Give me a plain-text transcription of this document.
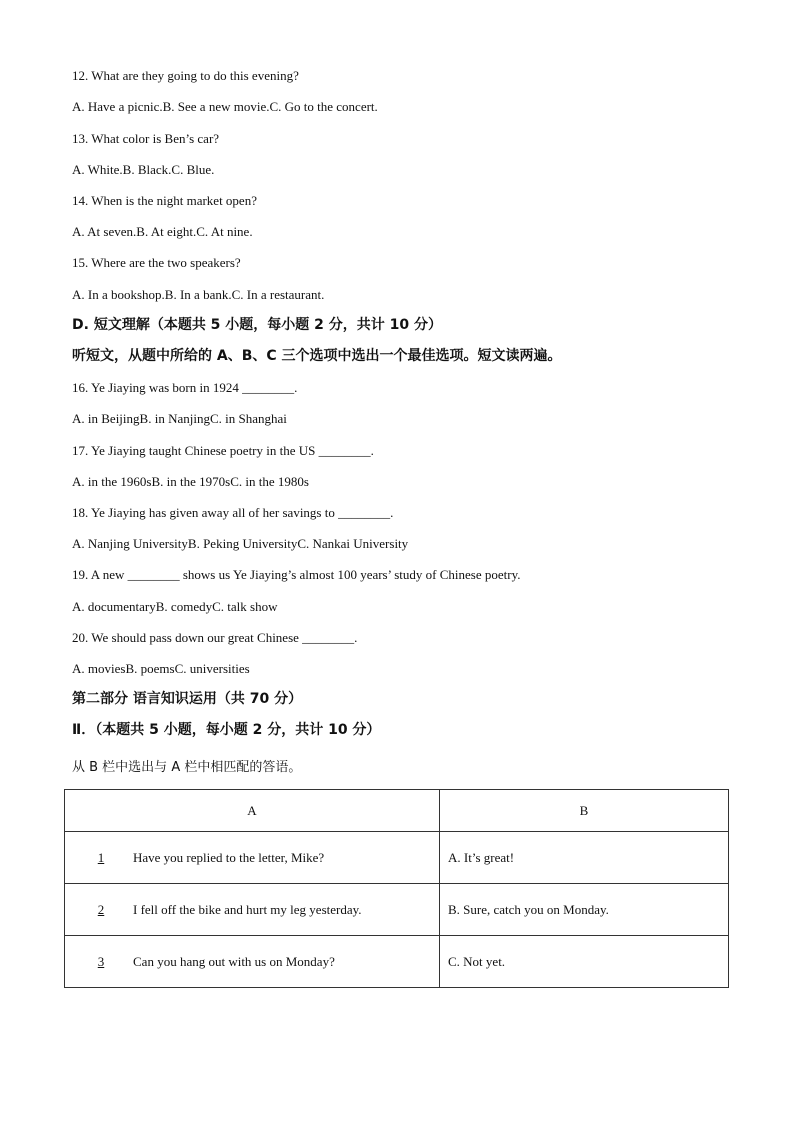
12. What are they going to do this evening?
A. Have a picnic.B. See a new movie.C. Go to the concert.
13. What color is Ben’s car?
A. White.B. Black.C. Blue.
14. When is the night market open?
A. At seven.B. At eight.C. At nine.
15. Where are the two speakers?
A. In a bookshop.B. In a bank.C. In a restaurant.
D. 短文理解（本题共 5 小题，每小题 2 分，共计 10 分）
听短文，从题中所给的 A、B、C 三个选项中选出一个最佳选项。短文读两遍。
16. Ye Jiaying was born in 1924 ________.
A. in BeijingB. in NanjingC. in Shanghai
17. Ye Jiaying taught Chinese poetry in the US ________.
A. in the 1960sB. in the 1970sC. in the 1980s
18. Ye Jiaying has given away all of her savings to ________.
A. Nanjing UniversityB. Peking UniversityC. Nankai University
19. A new ________ shows us Ye Jiaying’s almost 100 years’ study of Chinese poetry.
A. documentaryB. comedyC. talk show
20. We should pass down our great Chinese ________.
A. moviesB. poemsC. universities
第二部分 语言知识运用（共 70 分）
Ⅱ．（本题共 5 小题，每小题 2 分，共计 10 分）
从 B 栏中选出与 A 栏中相匹配的答语。
A	B
1 Have you replied to the letter, Mike?	A. It’s great!
2 I fell off the bike and hurt my leg yesterday.	B. Sure, catch you on Monday.
3 Can you hang out with us on Monday?	C. Not yet.
